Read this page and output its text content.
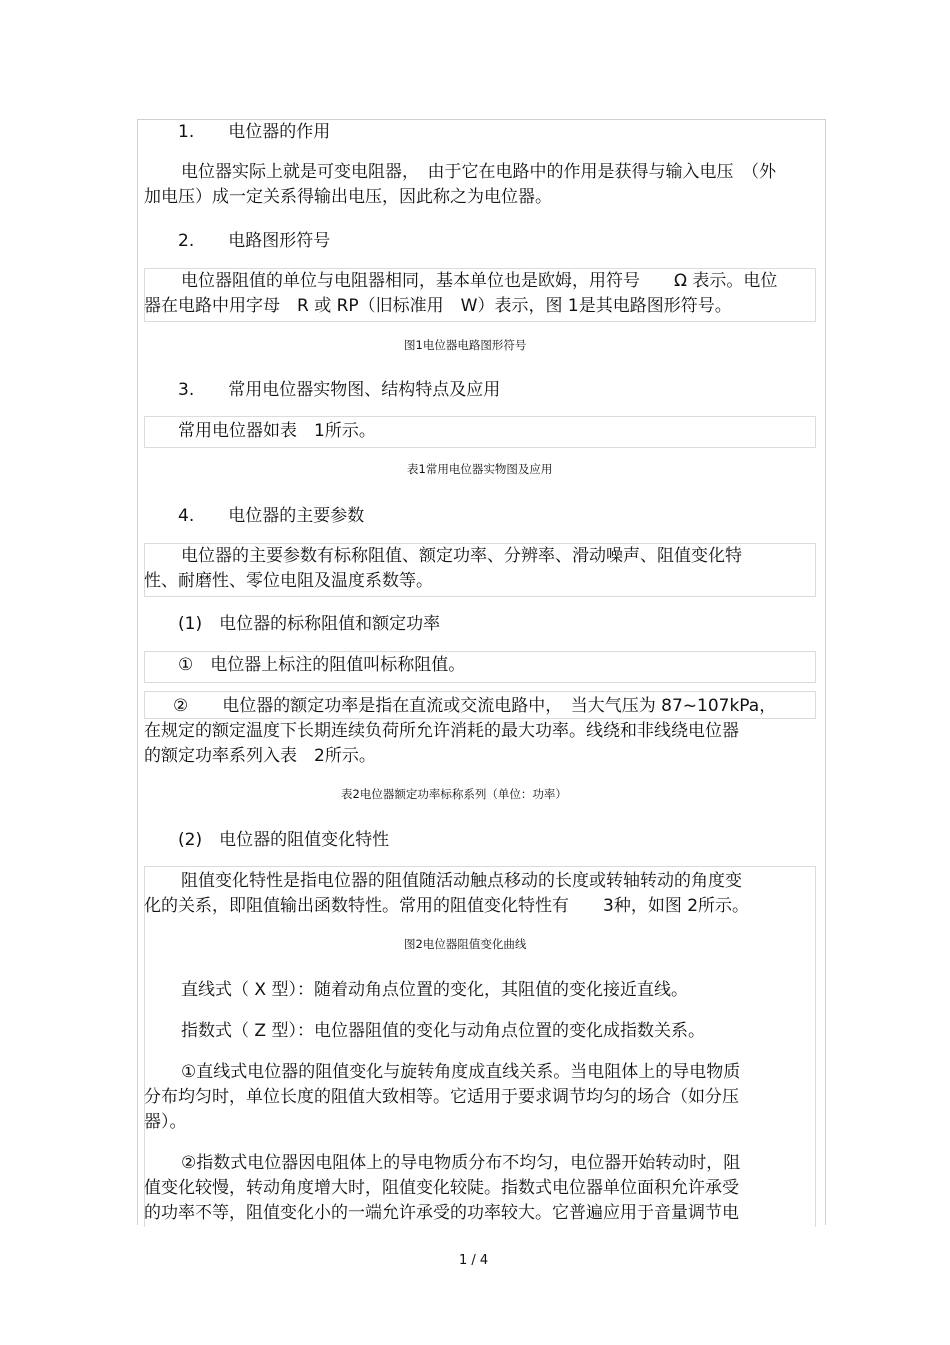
1.　　电位器的作用
电位器实际上就是可变电阻器，　由于它在电路中的作用是获得与输入电压　（外
加电压）成一定关系得输出电压，因此称之为电位器。
2.　　电路图形符号
电位器阻值的单位与电阻器相同，基本单位也是欧姆，用符号　　Ω 表示。电位
器在电路中用字母　R 或 RP（旧标准用　W）表示，图 1是其电路图形符号。
图1电位器电路图形符号
3.　　常用电位器实物图、结构特点及应用
常用电位器如表　1所示。
表1常用电位器实物图及应用
4.　　电位器的主要参数
电位器的主要参数有标称阻值、额定功率、分辨率、滑动噪声、阻值变化特
性、耐磨性、零位电阻及温度系数等。
(1)　电位器的标称阻值和额定功率
①　电位器上标注的阻值叫标称阻值。
②　　电位器的额定功率是指在直流或交流电路中，　当大气压为 87~107kPa，
在规定的额定温度下长期连续负荷所允许消耗的最大功率。线绕和非线绕电位器
的额定功率系列入表　2所示。
表2电位器额定功率标称系列（单位：功率）
(2)　电位器的阻值变化特性
阻值变化特性是指电位器的阻值随活动触点移动的长度或转轴转动的角度变
化的关系，即阻值输出函数特性。常用的阻值变化特性有　　3种，如图 2所示。
图2电位器阻值变化曲线
直线式（ X 型）：随着动角点位置的变化，其阻值的变化接近直线。
指数式（ Z 型）：电位器阻值的变化与动角点位置的变化成指数关系。
①直线式电位器的阻值变化与旋转角度成直线关系。当电阻体上的导电物质
分布均匀时，单位长度的阻值大致相等。它适用于要求调节均匀的场合（如分压
器）。
②指数式电位器因电阻体上的导电物质分布不均匀，电位器开始转动时，阻
值变化较慢，转动角度增大时，阻值变化较陡。指数式电位器单位面积允许承受
的功率不等，阻值变化小的一端允许承受的功率较大。它普遍应用于音量调节电
1 / 4
